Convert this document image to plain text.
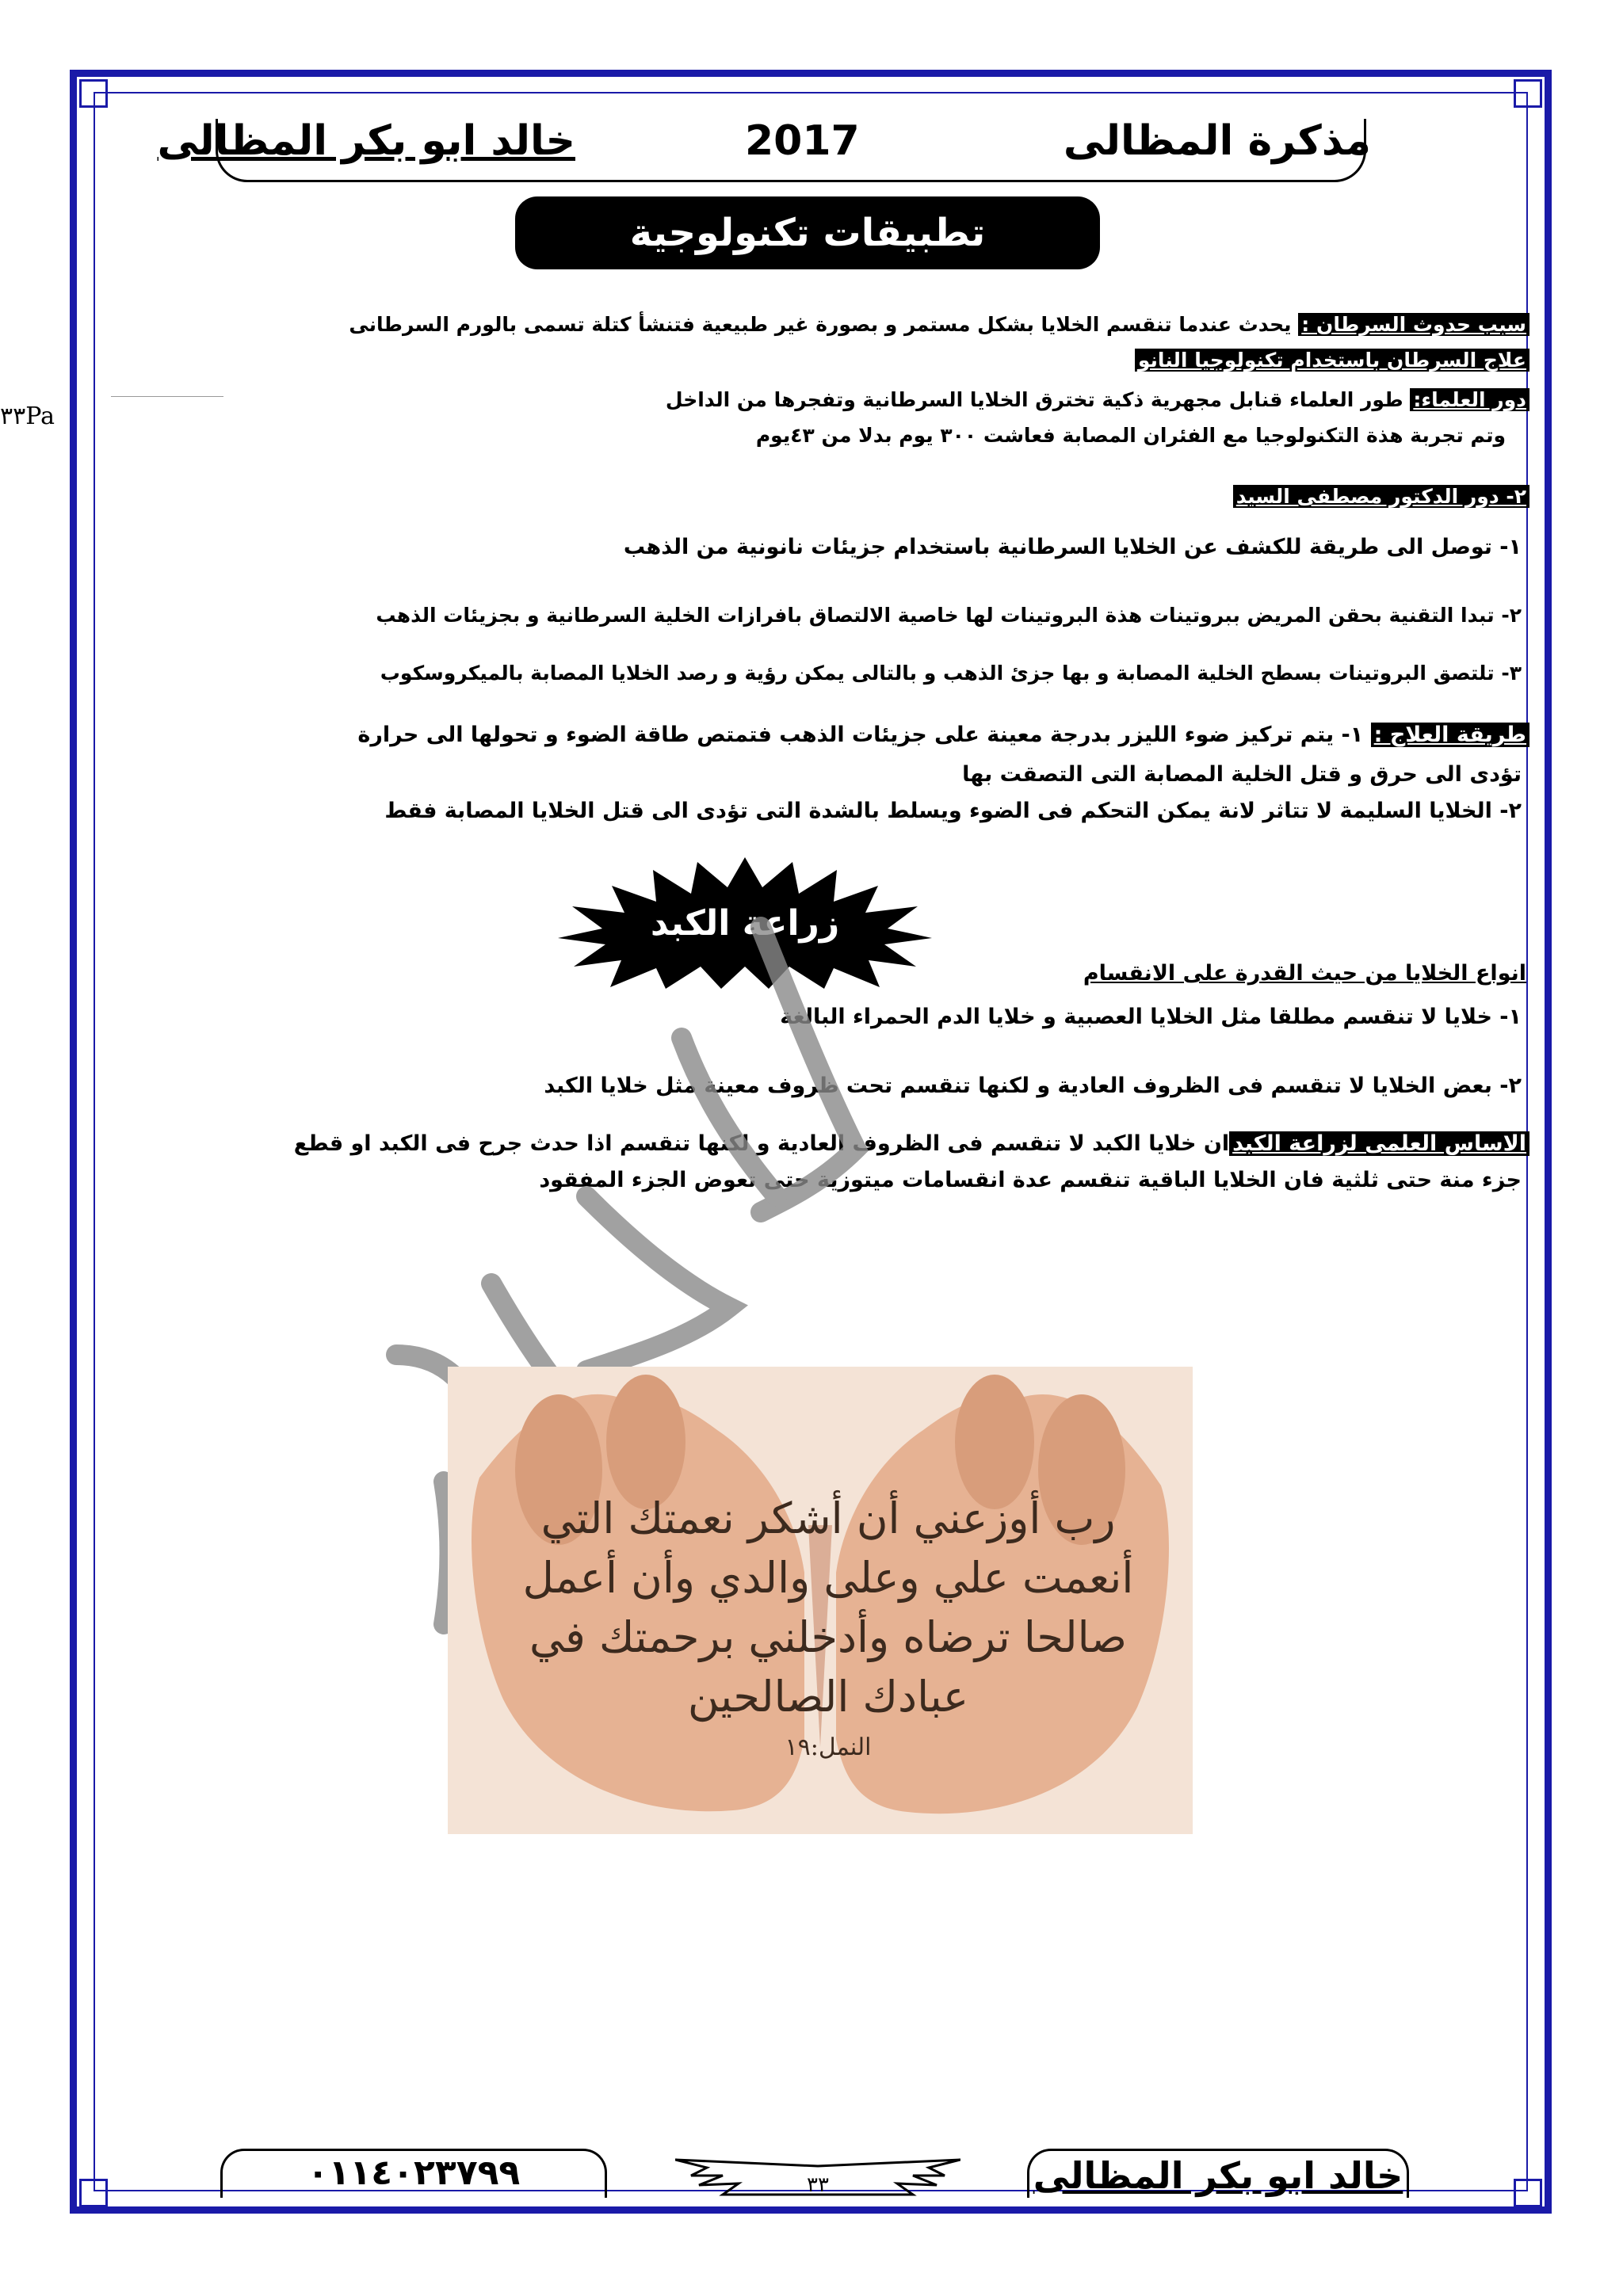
٣٣Pa
مذكرة المظالى
2017
خالد ابو بكر المظالى
تطبيقات تكنولوجية
سبب حدوث السرطان : يحدث عندما تنقسم الخلايا بشكل مستمر و بصورة غير طبيعية فتنشأ كتلة تسمى بالورم السرطانى
علاج السرطان باستخدام تكنولوجيا النانو
دور العلماء: طور العلماء قنابل مجهرية ذكية تخترق الخلايا السرطانية وتفجرها من الداخل
وتم تجربة هذة التكنولوجيا مع الفئران المصابة فعاشت ٣٠٠ يوم بدلا من ٤٣يوم
٢- دور الدكتور مصطفى السيد
١- توصل الى طريقة للكشف عن الخلايا السرطانية باستخدام جزيئات نانونية من الذهب
٢- تبدا التقنية بحقن المريض ببروتينات هذة البروتينات لها خاصية الالتصاق بافرازات الخلية السرطانية و بجزيئات الذهب
٣- تلتصق البروتينات بسطح الخلية المصابة و بها جزئ الذهب و بالتالى يمكن رؤية و رصد الخلايا المصابة بالميكروسكوب
طريقة العلاج : ١- يتم تركيز ضوء الليزر بدرجة معينة على جزيئات الذهب فتمتص طاقة الضوء و تحولها الى حرارة
تؤدى الى حرق و قتل الخلية المصابة التى التصقت بها
٢- الخلايا السليمة لا تتاثر لانة يمكن التحكم فى الضوء ويسلط بالشدة التى تؤدى الى قتل الخلايا المصابة فقط
زراعة الكبد
انواع الخلايا من حيث القدرة على الانقسام
١- خلايا لا تنقسم مطلقا مثل الخلايا العصبية و خلايا الدم الحمراء البالغة
٢- بعض الخلايا لا تنقسم فى الظروف العادية و لكنها تنقسم تحت ظروف معينة مثل خلايا الكبد
الاساس العلمى لزراعة الكبدان خلايا الكبد لا تنقسم فى الظروف العادية و لكنها تنقسم اذا حدث جرح فى الكبد او قطع
جزء منة حتى ثلثية فان الخلايا الباقية تنقسم عدة انقسامات ميتوزية حتى تعوض الجزء المفقود
رب أوزعني أن أشكر نعمتك التي
أنعمت علي وعلى والدي وأن أعمل
صالحا ترضاه وأدخلني برحمتك في
عبادك الصالحين
النمل:١٩
٠١١٤٠٢٣٧٩٩	٣٣	خالد ابو بكر المظالى
